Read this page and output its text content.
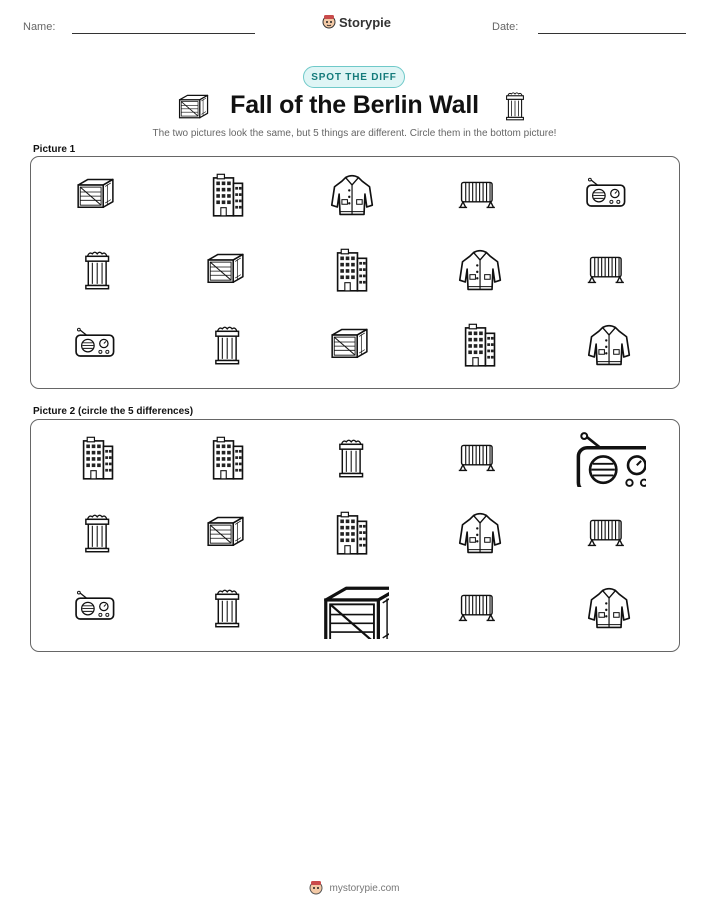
Name:	Storypie	Date:
SPOT THE DIFF
Fall of the Berlin Wall
The two pictures look the same, but 5 things are different. Circle them in the bottom picture!
Picture 1
Picture 2 (circle the 5 differences)
mystorypie.com
